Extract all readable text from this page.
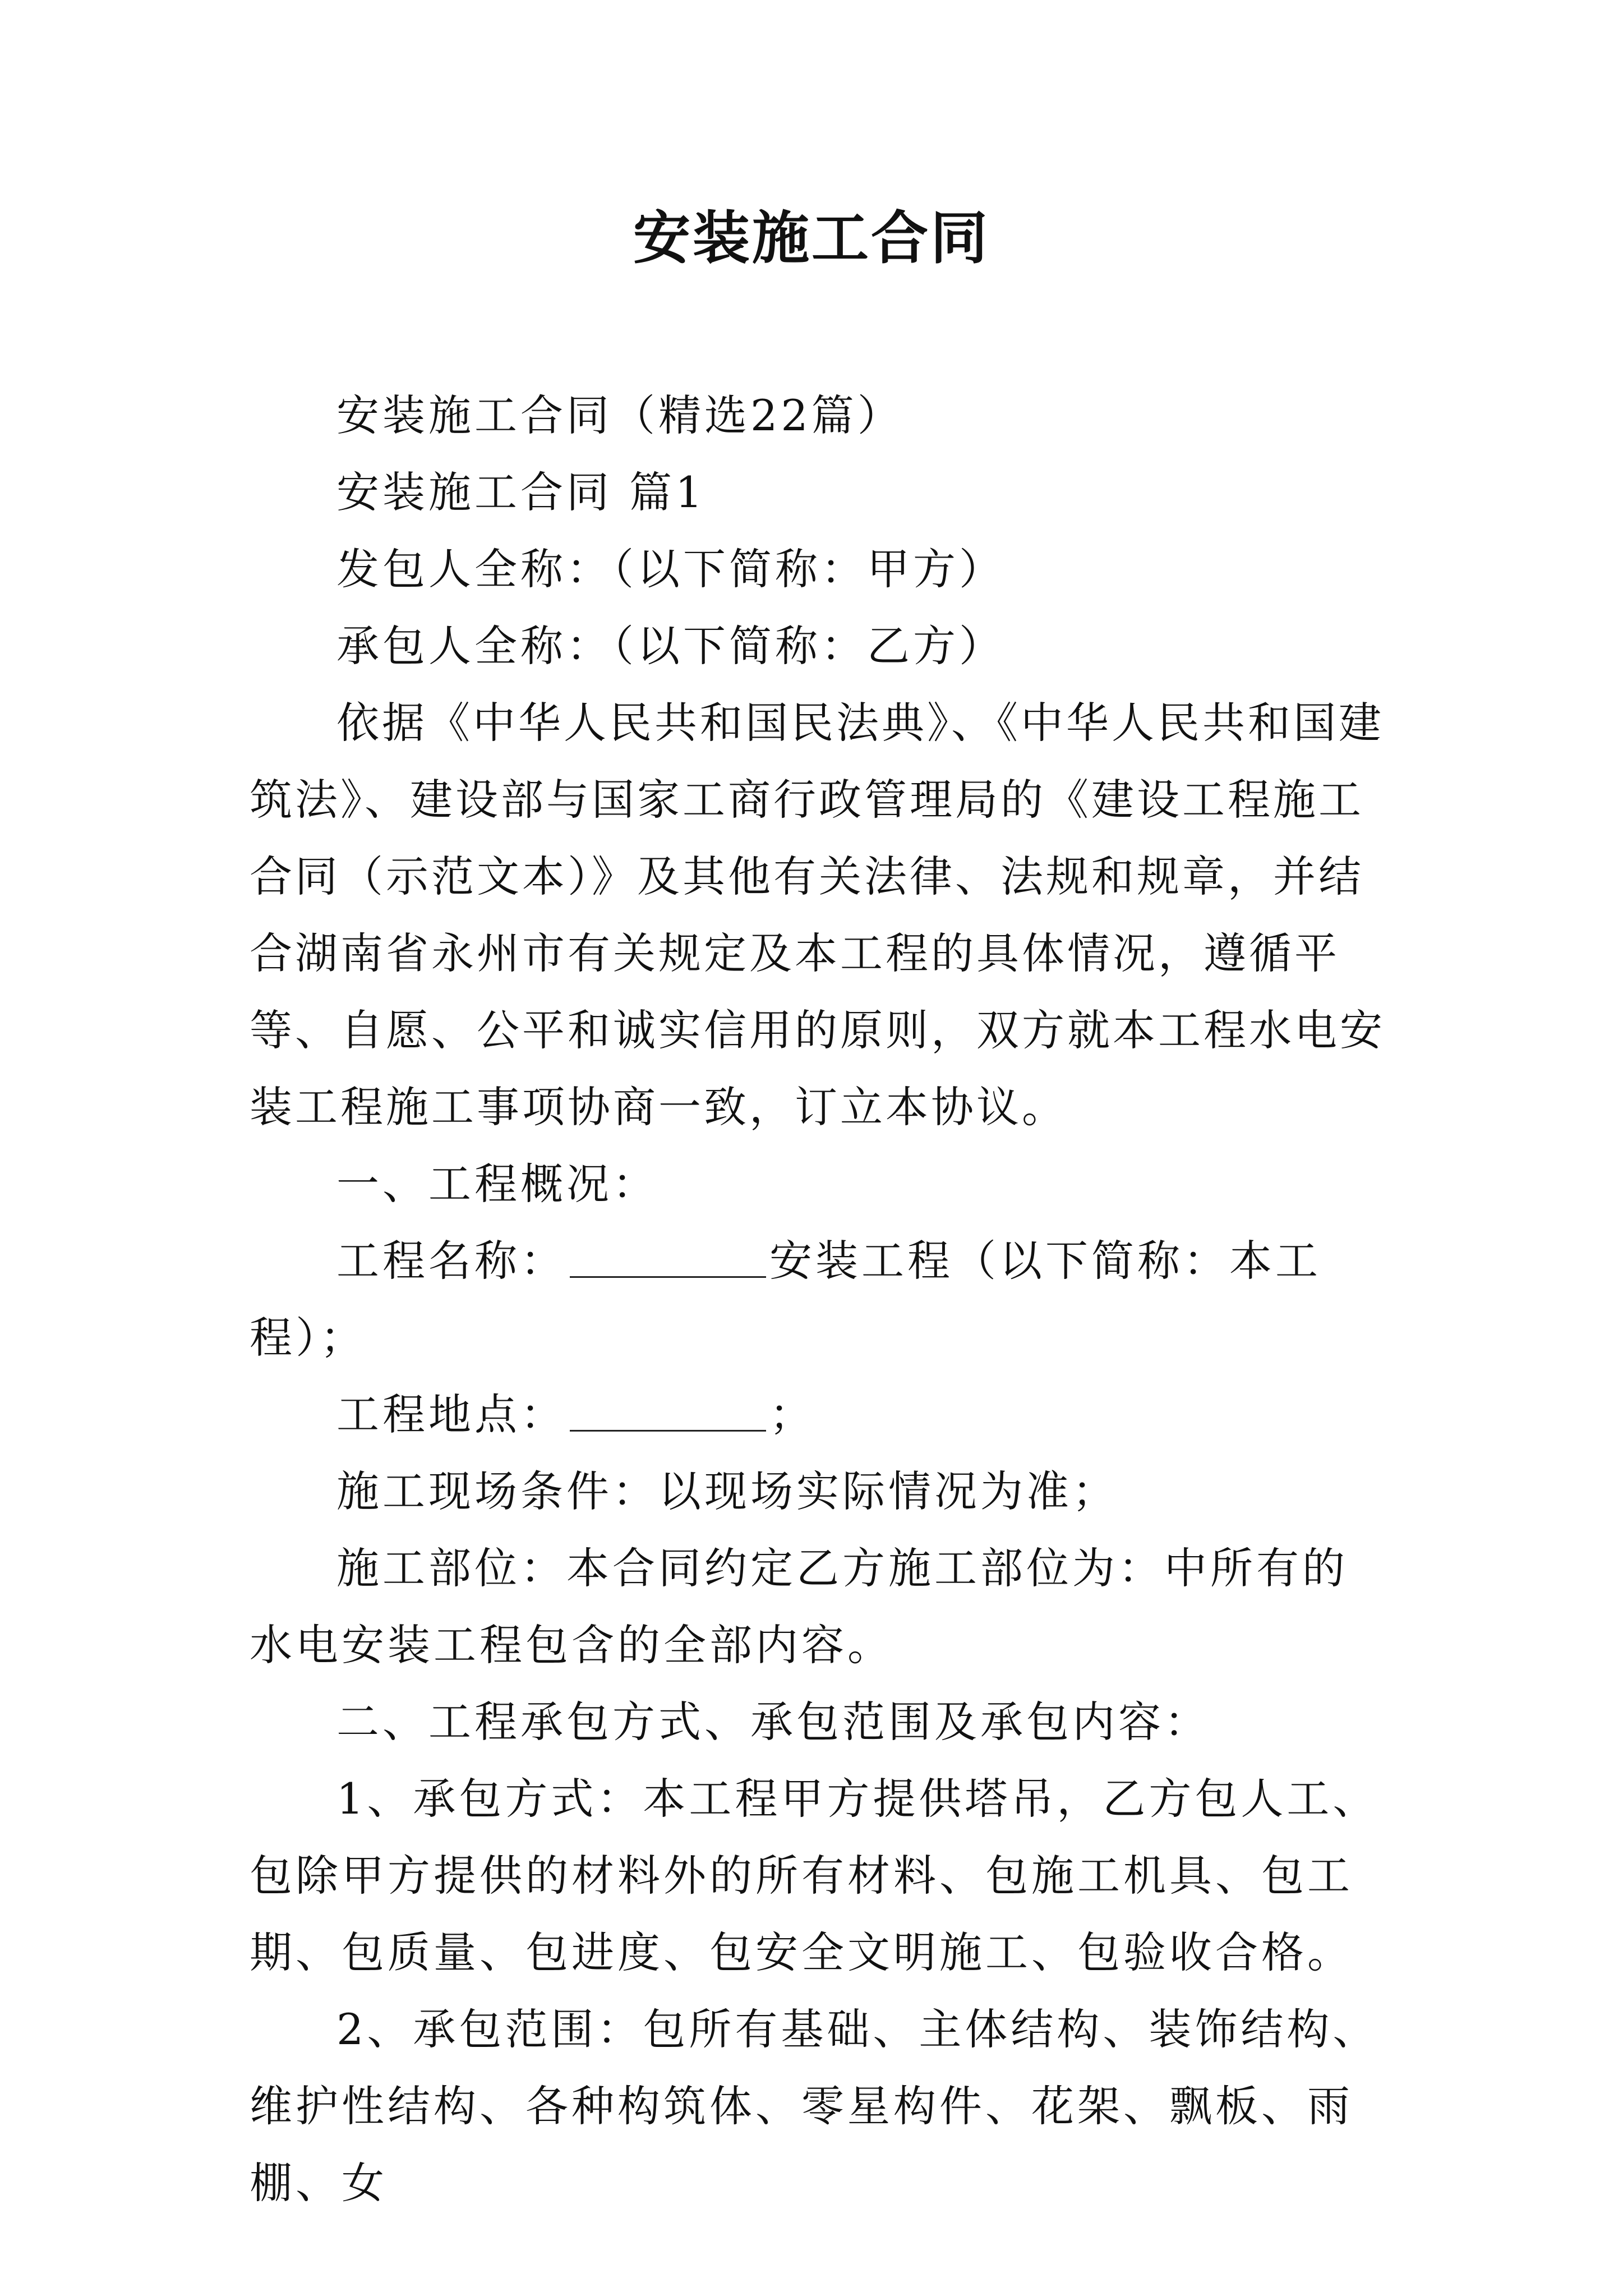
安装施工合同

安装施工合同（精选22篇）

安装施工合同 篇1

发包人全称：（以下简称：甲方）

承包人全称：（以下简称：乙方）

依据《中华人民共和国民法典》、《中华人民共和国建筑法》、建设部与国家工商行政管理局的《建设工程施工合同（示范文本）》及其他有关法律、法规和规章，并结合湖南省永州市有关规定及本工程的具体情况，遵循平等、自愿、公平和诚实信用的原则，双方就本工程水电安装工程施工事项协商一致，订立本协议。

一、工程概况：

工程名称：	安装工程（以下简称：本工程）；

工程地点：	；

施工现场条件：以现场实际情况为准；

施工部位：本合同约定乙方施工部位为：中所有的水电安装工程包含的全部内容。

二、工程承包方式、承包范围及承包内容：

1、承包方式：本工程甲方提供塔吊，乙方包人工、包除甲方提供的材料外的所有材料、包施工机具、包工期、包质量、包进度、包安全文明施工、包验收合格。

2、承包范围：包所有基础、主体结构、装饰结构、维护性结构、各种构筑体、零星构件、花架、飘板、雨棚、女
